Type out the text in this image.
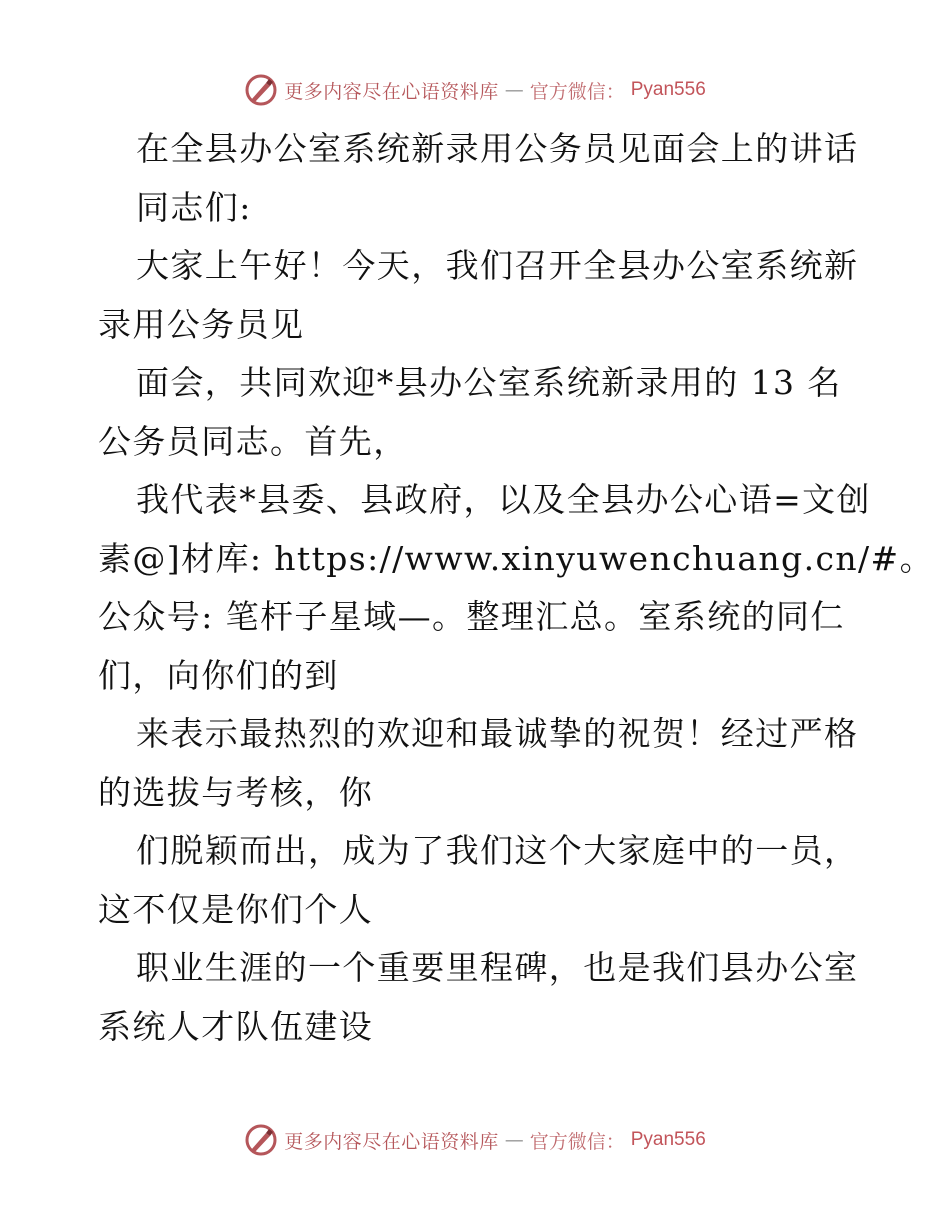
更多内容尽在心语资料库 — 官方微信： Pyan556
在全县办公室系统新录用公务员见面会上的讲话
同志们:
大家上午好！今天，我们召开全县办公室系统新
录用公务员见
面会，共同欢迎*县办公室系统新录用的 13 名
公务员同志。首先，
我代表*县委、县政府，以及全县办公心语=文创
素@]材库: https://www.xinyuwenchuang.cn/#。
公众号: 笔杆子星域—。整理汇总。室系统的同仁
们，向你们的到
来表示最热烈的欢迎和最诚挚的祝贺！经过严格
的选拔与考核，你
们脱颖而出，成为了我们这个大家庭中的一员，
这不仅是你们个人
职业生涯的一个重要里程碑，也是我们县办公室
系统人才队伍建设
更多内容尽在心语资料库 — 官方微信： Pyan556
